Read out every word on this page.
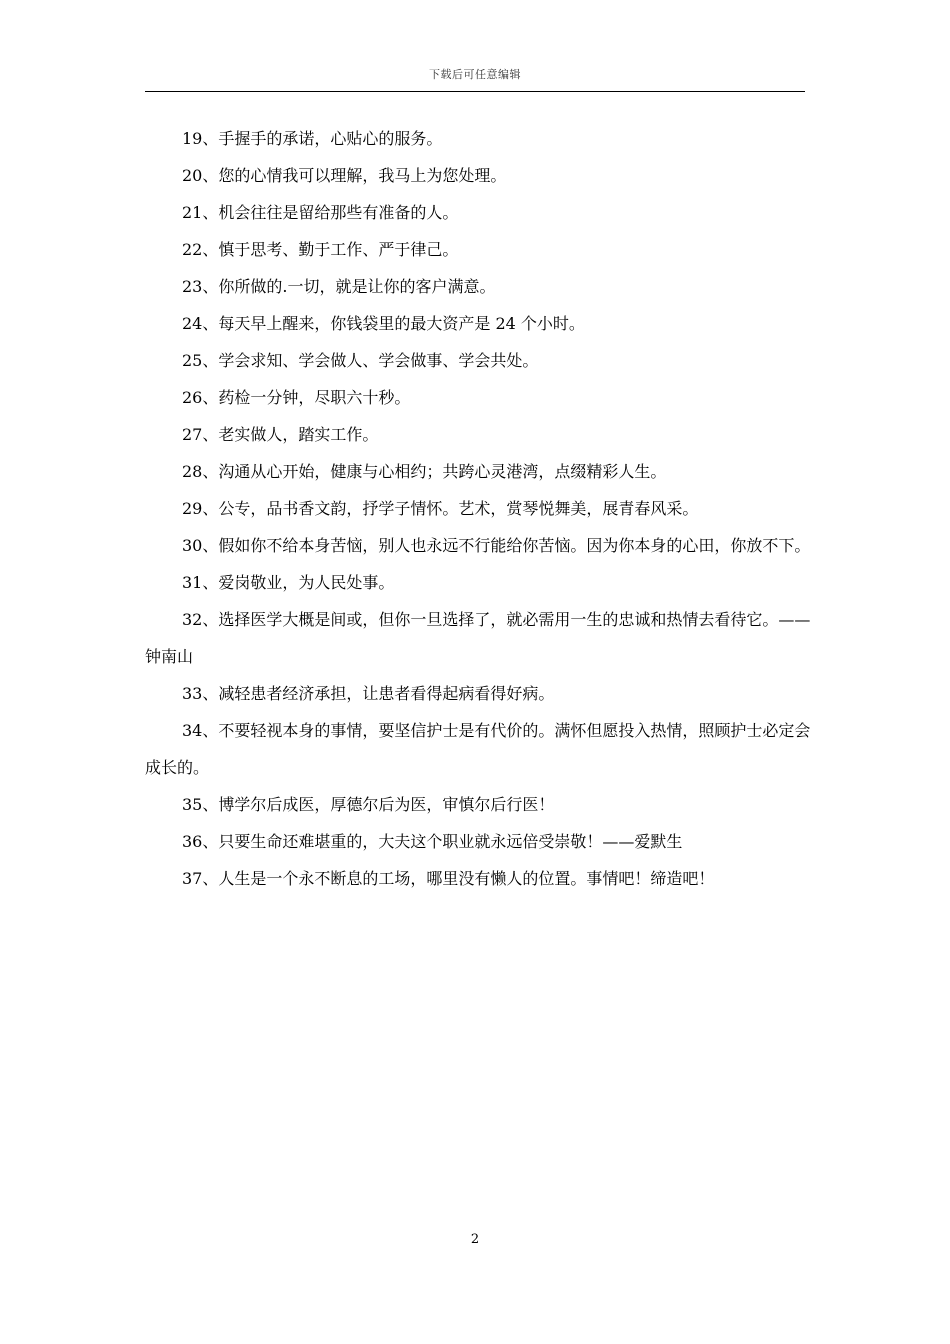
下载后可任意编辑

19、手握手的承诺，心贴心的服务。

20、您的心情我可以理解，我马上为您处理。

21、机会往往是留给那些有准备的人。

22、慎于思考、勤于工作、严于律己。

23、你所做的.一切，就是让你的客户满意。

24、每天早上醒来，你钱袋里的最大资产是 24 个小时。

25、学会求知、学会做人、学会做事、学会共处。

26、药检一分钟，尽职六十秒。

27、老实做人，踏实工作。

28、沟通从心开始，健康与心相约；共跨心灵港湾，点缀精彩人生。

29、公专，品书香文韵，抒学子情怀。艺术，赏琴悦舞美，展青春风采。

30、假如你不给本身苦恼，别人也永远不行能给你苦恼。因为你本身的心田，你放不下。

31、爱岗敬业，为人民处事。

32、选择医学大概是间或，但你一旦选择了，就必需用一生的忠诚和热情去看待它。——钟南山

33、减轻患者经济承担，让患者看得起病看得好病。

34、不要轻视本身的事情，要坚信护士是有代价的。满怀但愿投入热情，照顾护士必定会成长的。

35、博学尔后成医，厚德尔后为医，审慎尔后行医！

36、只要生命还难堪重的，大夫这个职业就永远倍受崇敬！——爱默生

37、人生是一个永不断息的工场，哪里没有懒人的位置。事情吧！缔造吧！

2
